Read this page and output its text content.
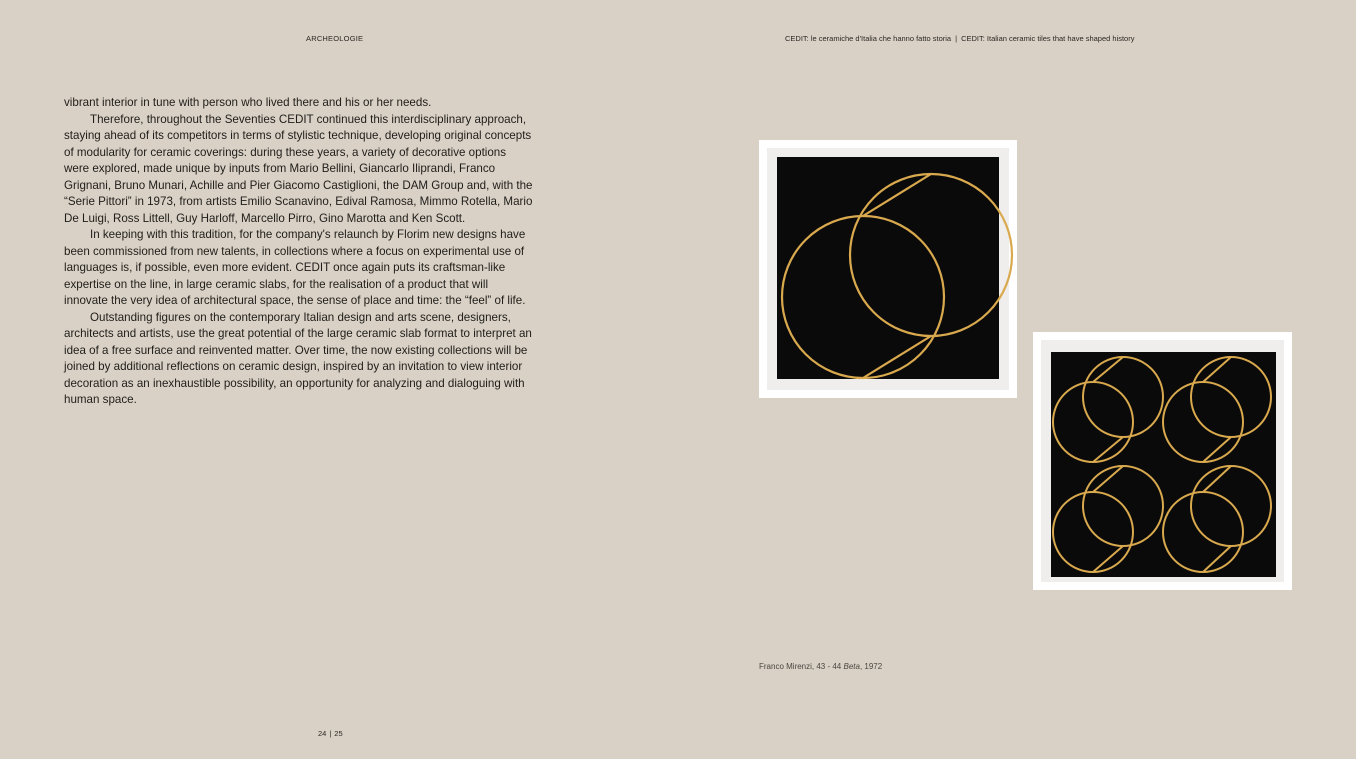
ARCHEOLOGIE	CEDIT: le ceramiche d'Italia che hanno fatto storia | CEDIT: Italian ceramic tiles that have shaped history

vibrant interior in tune with person who lived there and his or her needs.

Therefore, throughout the Seventies CEDIT continued this interdisciplinary approach, staying ahead of its competitors in terms of stylistic technique, developing original concepts of modularity for ceramic coverings: during these years, a variety of decorative options were explored, made unique by inputs from Mario Bellini, Giancarlo Iliprandi, Franco Grignani, Bruno Munari, Achille and Pier Giacomo Castiglioni, the DAM Group and, with the “Serie Pittori” in 1973, from artists Emilio Scanavino, Edival Ramosa, Mimmo Rotella, Mario De Luigi, Ross Littell, Guy Harloff, Marcello Pirro, Gino Marotta and Ken Scott.

In keeping with this tradition, for the company's relaunch by Florim new designs have been commissioned from new talents, in collections where a focus on experimental use of languages is, if possible, even more evident. CEDIT once again puts its craftsman-like expertise on the line, in large ceramic slabs, for the realisation of a product that will innovate the very idea of architectural space, the sense of place and time: the “feel” of life.

Outstanding figures on the contemporary Italian design and arts scene, designers, architects and artists, use the great potential of the large ceramic slab format to interpret an idea of a free surface and reinvented matter. Over time, the now existing collections will be joined by additional reflections on ceramic design, inspired by an invitation to view interior decoration as an inexhaustible possibility, an opportunity for analyzing and dialoguing with human space.

Franco Mirenzi, 43 - 44 Beta, 1972
24 | 25
